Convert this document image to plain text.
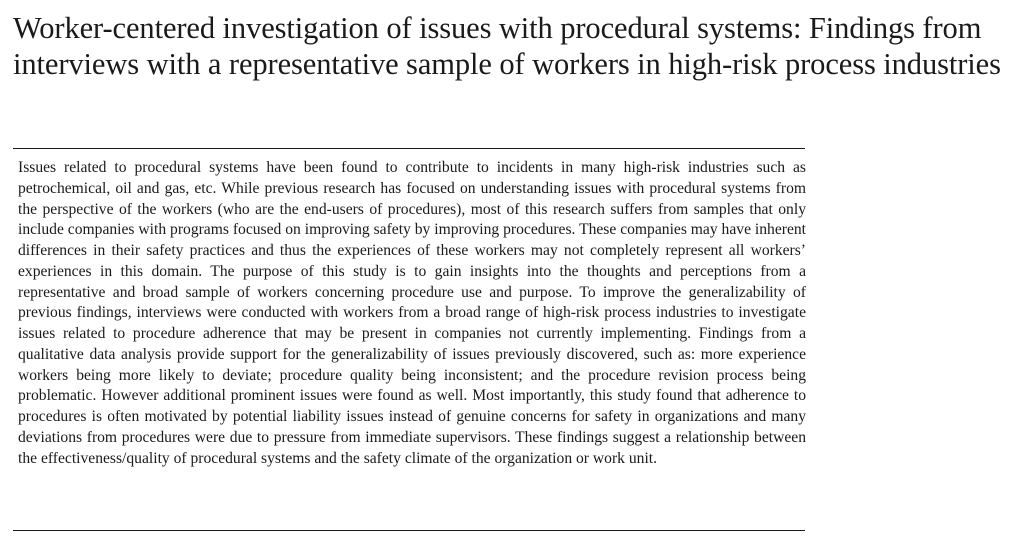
Worker-centered investigation of issues with procedural systems: Findings from interviews with a representative sample of workers in high-risk process industries

Issues related to procedural systems have been found to contribute to incidents in many high-risk industries such as petrochemical, oil and gas, etc. While previous research has focused on understanding issues with procedural systems from the perspective of the workers (who are the end-users of procedures), most of this research suffers from samples that only include companies with programs focused on improving safety by improving procedures. These companies may have inherent differences in their safety practices and thus the experiences of these workers may not completely represent all workers’ experiences in this domain. The purpose of this study is to gain insights into the thoughts and perceptions from a representative and broad sample of workers concerning procedure use and purpose. To improve the generalizability of previous findings, interviews were conducted with workers from a broad range of high-risk process industries to investigate issues related to procedure adherence that may be present in companies not currently implementing. Findings from a qualitative data analysis provide support for the generalizability of issues previously discovered, such as: more experience workers being more likely to deviate; procedure quality being inconsistent; and the procedure revision process being problematic. However additional prominent issues were found as well. Most importantly, this study found that adherence to procedures is often motivated by potential liability issues instead of genuine concerns for safety in organizations and many deviations from procedures were due to pressure from immediate supervisors. These findings suggest a relationship between the effectiveness/quality of procedural systems and the safety climate of the organization or work unit.
